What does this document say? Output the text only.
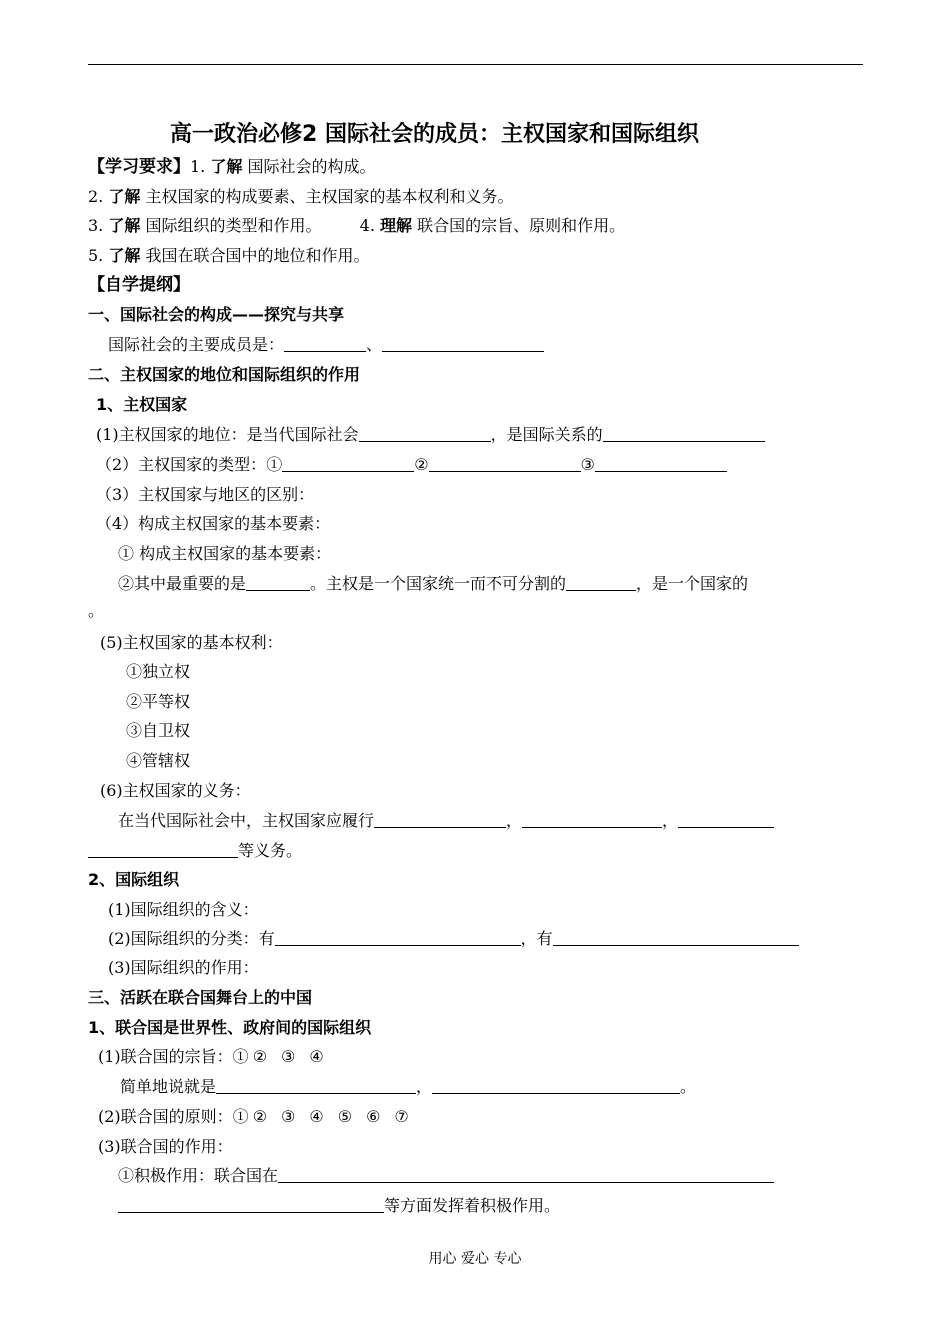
高一政治必修2 国际社会的成员：主权国家和国际组织
【学习要求】1. 了解 国际社会的构成。
2. 了解 主权国家的构成要素、主权国家的基本权利和义务。
3. 了解 国际组织的类型和作用。 4. 理解 联合国的宗旨、原则和作用。
5. 了解 我国在联合国中的地位和作用。
【自学提纲】
一、国际社会的构成——探究与共享
国际社会的主要成员是：	、
二、主权国家的地位和国际组织的作用
1、主权国家
(1)主权国家的地位：是当代国际社会	，是国际关系的
（2）主权国家的类型：①	②	③
（3）主权国家与地区的区别：
（4）构成主权国家的基本要素：
① 构成主权国家的基本要素：
②其中最重要的是	。主权是一个国家统一而不可分割的	，是一个国家的
。
(5)主权国家的基本权利：
①独立权
②平等权
③自卫权
④管辖权
(6)主权国家的义务：
在当代国际社会中，主权国家应履行	，	，
等义务。
2、国际组织
(1)国际组织的含义：
(2)国际组织的分类：有	，有
(3)国际组织的作用：
三、活跃在联合国舞台上的中国
1、联合国是世界性、政府间的国际组织
(1)联合国的宗旨：① ② ③ ④
简单地说就是	，	。
(2)联合国的原则：① ② ③ ④ ⑤ ⑥ ⑦
(3)联合国的作用：
①积极作用：联合国在
等方面发挥着积极作用。
用心 爱心 专心
